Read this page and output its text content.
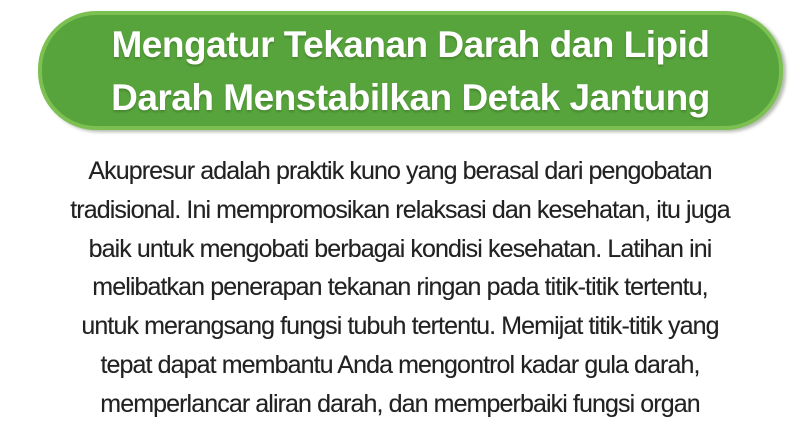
Mengatur Tekanan Darah dan Lipid
Darah Menstabilkan Detak Jantung
Akupresur adalah praktik kuno yang berasal dari pengobatan
tradisional. Ini mempromosikan relaksasi dan kesehatan, itu juga
baik untuk mengobati berbagai kondisi kesehatan. Latihan ini
melibatkan penerapan tekanan ringan pada titik-titik tertentu,
untuk merangsang fungsi tubuh tertentu. Memijat titik-titik yang
tepat dapat membantu Anda mengontrol kadar gula darah,
memperlancar aliran darah, dan memperbaiki fungsi organ
